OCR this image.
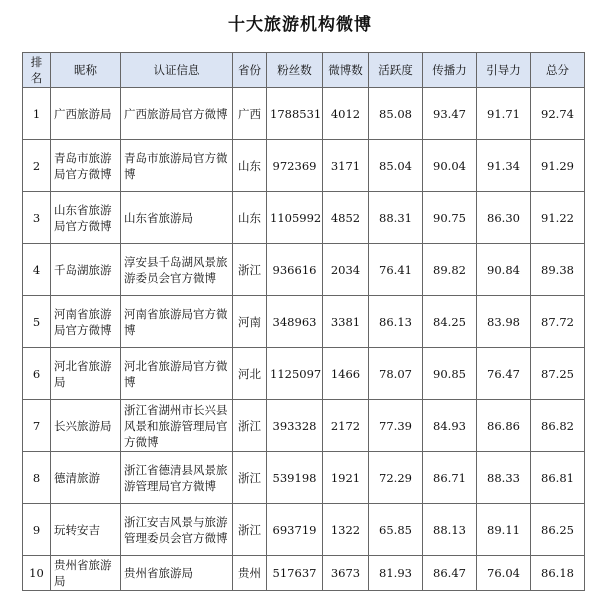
十大旅游机构微博
排名	昵称	认证信息	省份	粉丝数	微博数	活跃度	传播力	引导力	总分
1	广西旅游局	广西旅游局官方微博	广西	1788531	4012	85.08	93.47	91.71	92.74
2	青岛市旅游局官方微博	青岛市旅游局官方微博	山东	972369	3171	85.04	90.04	91.34	91.29
3	山东省旅游局官方微博	山东省旅游局	山东	1105992	4852	88.31	90.75	86.30	91.22
4	千岛湖旅游	淳安县千岛湖风景旅游委员会官方微博	浙江	936616	2034	76.41	89.82	90.84	89.38
5	河南省旅游局官方微博	河南省旅游局官方微博	河南	348963	3381	86.13	84.25	83.98	87.72
6	河北省旅游局	河北省旅游局官方微博	河北	1125097	1466	78.07	90.85	76.47	87.25
7	长兴旅游局	浙江省湖州市长兴县风景和旅游管理局官方微博	浙江	393328	2172	77.39	84.93	86.86	86.82
8	德清旅游	浙江省德清县风景旅游管理局官方微博	浙江	539198	1921	72.29	86.71	88.33	86.81
9	玩转安吉	浙江安吉风景与旅游管理委员会官方微博	浙江	693719	1322	65.85	88.13	89.11	86.25
10	贵州省旅游局	贵州省旅游局	贵州	517637	3673	81.93	86.47	76.04	86.18
